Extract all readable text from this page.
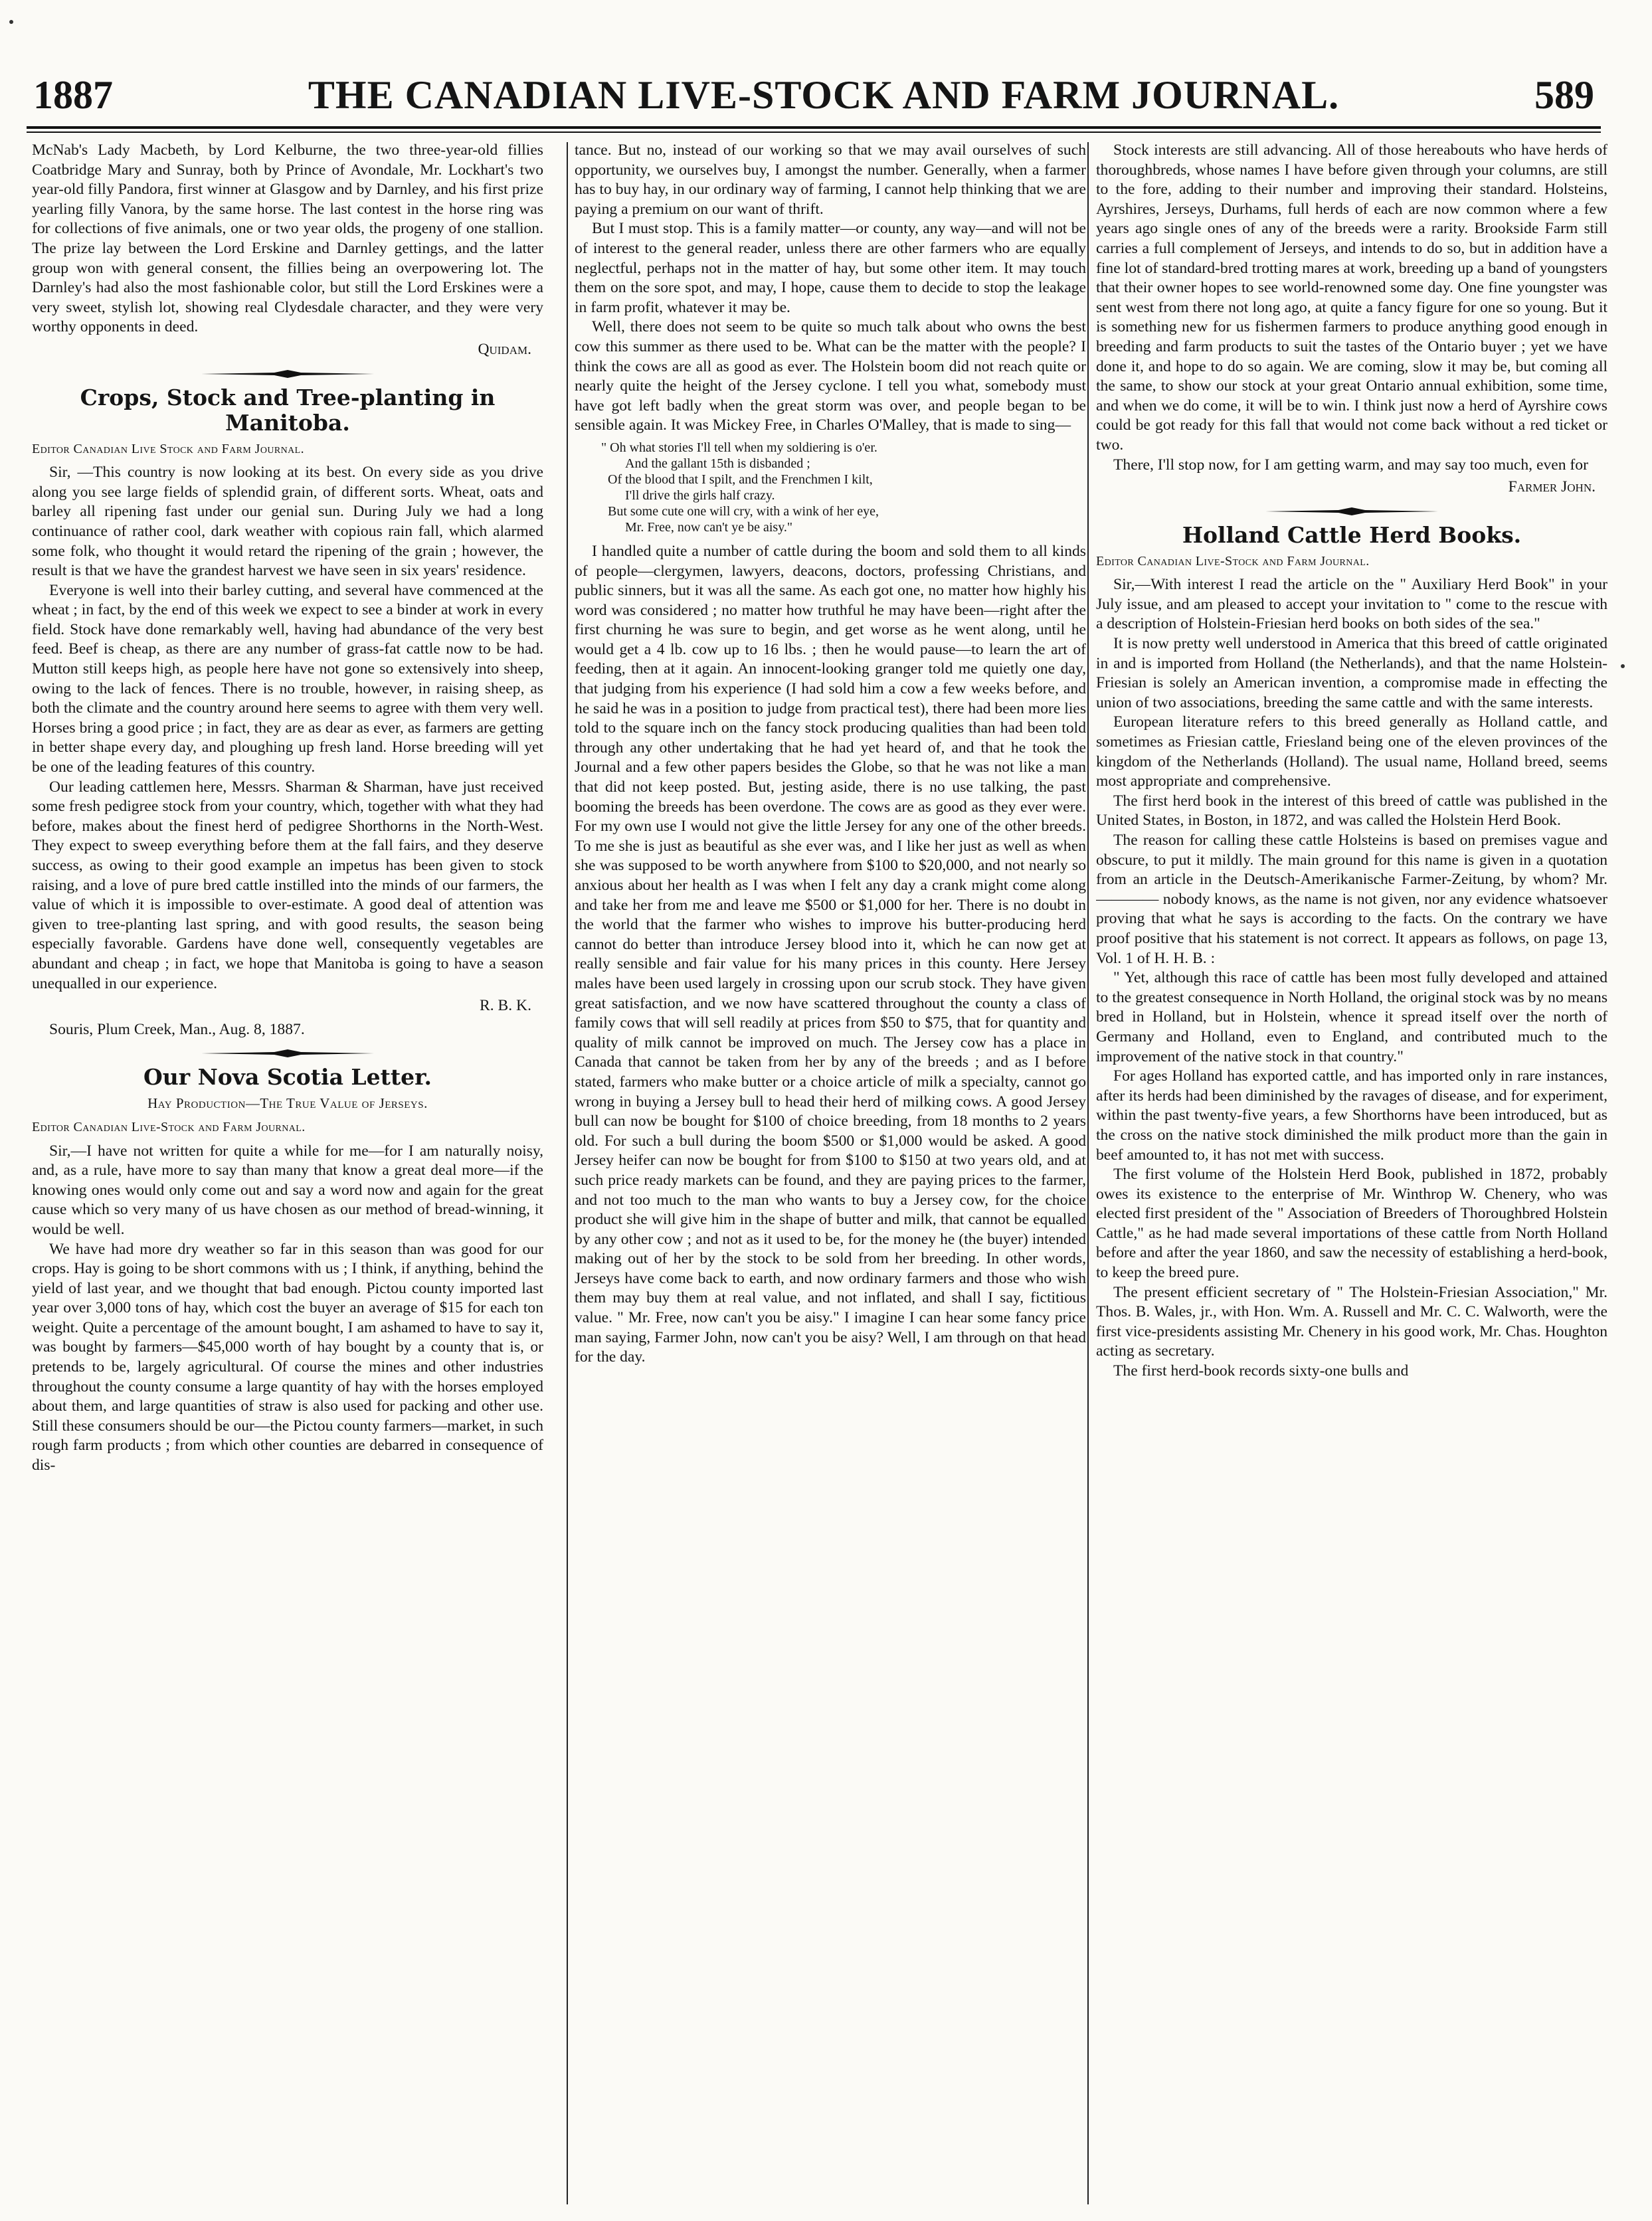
1887	THE CANADIAN LIVE-STOCK AND FARM JOURNAL.	589

McNab's Lady Macbeth, by Lord Kelburne, the two three-year-old fillies Coatbridge Mary and Sunray, both by Prince of Avondale, Mr. Lockhart's two year-old filly Pandora, first winner at Glasgow and by Darnley, and his first prize yearling filly Vanora, by the same horse. The last contest in the horse ring was for collections of five animals, one or two year olds, the progeny of one stallion. The prize lay between the Lord Erskine and Darnley gettings, and the latter group won with general consent, the fillies being an overpowering lot. The Darnley's had also the most fashionable color, but still the Lord Erskines were a very sweet, stylish lot, showing real Clydesdale character, and they were very worthy opponents in deed.

Quidam.
Crops, Stock and Tree-planting in Manitoba.
Editor Canadian Live Stock and Farm Journal.

Sir, —This country is now looking at its best. On every side as you drive along you see large fields of splendid grain, of different sorts. Wheat, oats and barley all ripening fast under our genial sun. During July we had a long continuance of rather cool, dark weather with copious rain fall, which alarmed some folk, who thought it would retard the ripening of the grain ; however, the result is that we have the grandest harvest we have seen in six years' residence.

Everyone is well into their barley cutting, and several have commenced at the wheat ; in fact, by the end of this week we expect to see a binder at work in every field. Stock have done remarkably well, having had abundance of the very best feed. Beef is cheap, as there are any number of grass-fat cattle now to be had. Mutton still keeps high, as people here have not gone so extensively into sheep, owing to the lack of fences. There is no trouble, however, in raising sheep, as both the climate and the country around here seems to agree with them very well. Horses bring a good price ; in fact, they are as dear as ever, as farmers are getting in better shape every day, and ploughing up fresh land. Horse breeding will yet be one of the leading features of this country.

Our leading cattlemen here, Messrs. Sharman & Sharman, have just received some fresh pedigree stock from your country, which, together with what they had before, makes about the finest herd of pedigree Shorthorns in the North-West. They expect to sweep everything before them at the fall fairs, and they deserve success, as owing to their good example an impetus has been given to stock raising, and a love of pure bred cattle instilled into the minds of our farmers, the value of which it is impossible to over-estimate. A good deal of attention was given to tree-planting last spring, and with good results, the season being especially favorable. Gardens have done well, consequently vegetables are abundant and cheap ; in fact, we hope that Manitoba is going to have a season unequalled in our experience.

R. B. K.
Souris, Plum Creek, Man., Aug. 8, 1887.
Our Nova Scotia Letter.
Hay Production—The True Value of Jerseys.
Editor Canadian Live-Stock and Farm Journal.

Sir,—I have not written for quite a while for me—for I am naturally noisy, and, as a rule, have more to say than many that know a great deal more—if the knowing ones would only come out and say a word now and again for the great cause which so very many of us have chosen as our method of bread-winning, it would be well.

We have had more dry weather so far in this season than was good for our crops. Hay is going to be short commons with us ; I think, if anything, behind the yield of last year, and we thought that bad enough. Pictou county imported last year over 3,000 tons of hay, which cost the buyer an average of $15 for each ton weight. Quite a percentage of the amount bought, I am ashamed to have to say it, was bought by farmers—$45,000 worth of hay bought by a county that is, or pretends to be, largely agricultural. Of course the mines and other industries throughout the county consume a large quantity of hay with the horses employed about them, and large quantities of straw is also used for packing and other use. Still these consumers should be our—the Pictou county farmers—market, in such rough farm products ; from which other counties are debarred in consequence of dis-

tance. But no, instead of our working so that we may avail ourselves of such opportunity, we ourselves buy, I amongst the number. Generally, when a farmer has to buy hay, in our ordinary way of farming, I cannot help thinking that we are paying a premium on our want of thrift.

But I must stop. This is a family matter—or county, any way—and will not be of interest to the general reader, unless there are other farmers who are equally neglectful, perhaps not in the matter of hay, but some other item. It may touch them on the sore spot, and may, I hope, cause them to decide to stop the leakage in farm profit, whatever it may be.

Well, there does not seem to be quite so much talk about who owns the best cow this summer as there used to be. What can be the matter with the people? I think the cows are all as good as ever. The Holstein boom did not reach quite or nearly quite the height of the Jersey cyclone. I tell you what, somebody must have got left badly when the great storm was over, and people began to be sensible again. It was Mickey Free, in Charles O'Malley, that is made to sing—

" Oh what stories I'll tell when my soldiering is o'er.
And the gallant 15th is disbanded ;
Of the blood that I spilt, and the Frenchmen I kilt,
I'll drive the girls half crazy.
But some cute one will cry, with a wink of her eye,
Mr. Free, now can't ye be aisy."

I handled quite a number of cattle during the boom and sold them to all kinds of people—clergymen, lawyers, deacons, doctors, professing Christians, and public sinners, but it was all the same. As each got one, no matter how highly his word was considered ; no matter how truthful he may have been—right after the first churning he was sure to begin, and get worse as he went along, until he would get a 4 lb. cow up to 16 lbs. ; then he would pause—to learn the art of feeding, then at it again. An innocent-looking granger told me quietly one day, that judging from his experience (I had sold him a cow a few weeks before, and he said he was in a position to judge from practical test), there had been more lies told to the square inch on the fancy stock producing qualities than had been told through any other undertaking that he had yet heard of, and that he took the Journal and a few other papers besides the Globe, so that he was not like a man that did not keep posted. But, jesting aside, there is no use talking, the past booming the breeds has been overdone. The cows are as good as they ever were. For my own use I would not give the little Jersey for any one of the other breeds. To me she is just as beautiful as she ever was, and I like her just as well as when she was supposed to be worth anywhere from $100 to $20,000, and not nearly so anxious about her health as I was when I felt any day a crank might come along and take her from me and leave me $500 or $1,000 for her. There is no doubt in the world that the farmer who wishes to improve his butter-producing herd cannot do better than introduce Jersey blood into it, which he can now get at really sensible and fair value for his many prices in this county. Here Jersey males have been used largely in crossing upon our scrub stock. They have given great satisfaction, and we now have scattered throughout the county a class of family cows that will sell readily at prices from $50 to $75, that for quantity and quality of milk cannot be improved on much. The Jersey cow has a place in Canada that cannot be taken from her by any of the breeds ; and as I before stated, farmers who make butter or a choice article of milk a specialty, cannot go wrong in buying a Jersey bull to head their herd of milking cows. A good Jersey bull can now be bought for $100 of choice breeding, from 18 months to 2 years old. For such a bull during the boom $500 or $1,000 would be asked. A good Jersey heifer can now be bought for from $100 to $150 at two years old, and at such price ready markets can be found, and they are paying prices to the farmer, and not too much to the man who wants to buy a Jersey cow, for the choice product she will give him in the shape of butter and milk, that cannot be equalled by any other cow ; and not as it used to be, for the money he (the buyer) intended making out of her by the stock to be sold from her breeding. In other words, Jerseys have come back to earth, and now ordinary farmers and those who wish them may buy them at real value, and not inflated, and shall I say, fictitious value. " Mr. Free, now can't you be aisy." I imagine I can hear some fancy price man saying, Farmer John, now can't you be aisy? Well, I am through on that head for the day.

Stock interests are still advancing. All of those hereabouts who have herds of thoroughbreds, whose names I have before given through your columns, are still to the fore, adding to their number and improving their standard. Holsteins, Ayrshires, Jerseys, Durhams, full herds of each are now common where a few years ago single ones of any of the breeds were a rarity. Brookside Farm still carries a full complement of Jerseys, and intends to do so, but in addition have a fine lot of standard-bred trotting mares at work, breeding up a band of youngsters that their owner hopes to see world-renowned some day. One fine youngster was sent west from there not long ago, at quite a fancy figure for one so young. But it is something new for us fishermen farmers to produce anything good enough in breeding and farm products to suit the tastes of the Ontario buyer ; yet we have done it, and hope to do so again. We are coming, slow it may be, but coming all the same, to show our stock at your great Ontario annual exhibition, some time, and when we do come, it will be to win. I think just now a herd of Ayrshire cows could be got ready for this fall that would not come back without a red ticket or two.

There, I'll stop now, for I am getting warm, and may say too much, even for

Farmer John.
Holland Cattle Herd Books.
Editor Canadian Live-Stock and Farm Journal.

Sir,—With interest I read the article on the " Auxiliary Herd Book" in your July issue, and am pleased to accept your invitation to " come to the rescue with a description of Holstein-Friesian herd books on both sides of the sea."

It is now pretty well understood in America that this breed of cattle originated in and is imported from Holland (the Netherlands), and that the name Holstein-Friesian is solely an American invention, a compromise made in effecting the union of two associations, breeding the same cattle and with the same interests.

European literature refers to this breed generally as Holland cattle, and sometimes as Friesian cattle, Friesland being one of the eleven provinces of the kingdom of the Netherlands (Holland). The usual name, Holland breed, seems most appropriate and comprehensive.

The first herd book in the interest of this breed of cattle was published in the United States, in Boston, in 1872, and was called the Holstein Herd Book.

The reason for calling these cattle Holsteins is based on premises vague and obscure, to put it mildly. The main ground for this name is given in a quotation from an article in the Deutsch-Amerikanische Farmer-Zeitung, by whom? Mr. ———— nobody knows, as the name is not given, nor any evidence whatsoever proving that what he says is according to the facts. On the contrary we have proof positive that his statement is not correct. It appears as follows, on page 13, Vol. 1 of H. H. B. :

" Yet, although this race of cattle has been most fully developed and attained to the greatest consequence in North Holland, the original stock was by no means bred in Holland, but in Holstein, whence it spread itself over the north of Germany and Holland, even to England, and contributed much to the improvement of the native stock in that country."

For ages Holland has exported cattle, and has imported only in rare instances, after its herds had been diminished by the ravages of disease, and for experiment, within the past twenty-five years, a few Shorthorns have been introduced, but as the cross on the native stock diminished the milk product more than the gain in beef amounted to, it has not met with success.

The first volume of the Holstein Herd Book, published in 1872, probably owes its existence to the enterprise of Mr. Winthrop W. Chenery, who was elected first president of the " Association of Breeders of Thoroughbred Holstein Cattle," as he had made several importations of these cattle from North Holland before and after the year 1860, and saw the necessity of establishing a herd-book, to keep the breed pure.

The present efficient secretary of " The Holstein-Friesian Association," Mr. Thos. B. Wales, jr., with Hon. Wm. A. Russell and Mr. C. C. Walworth, were the first vice-presidents assisting Mr. Chenery in his good work, Mr. Chas. Houghton acting as secretary.

The first herd-book records sixty-one bulls and
